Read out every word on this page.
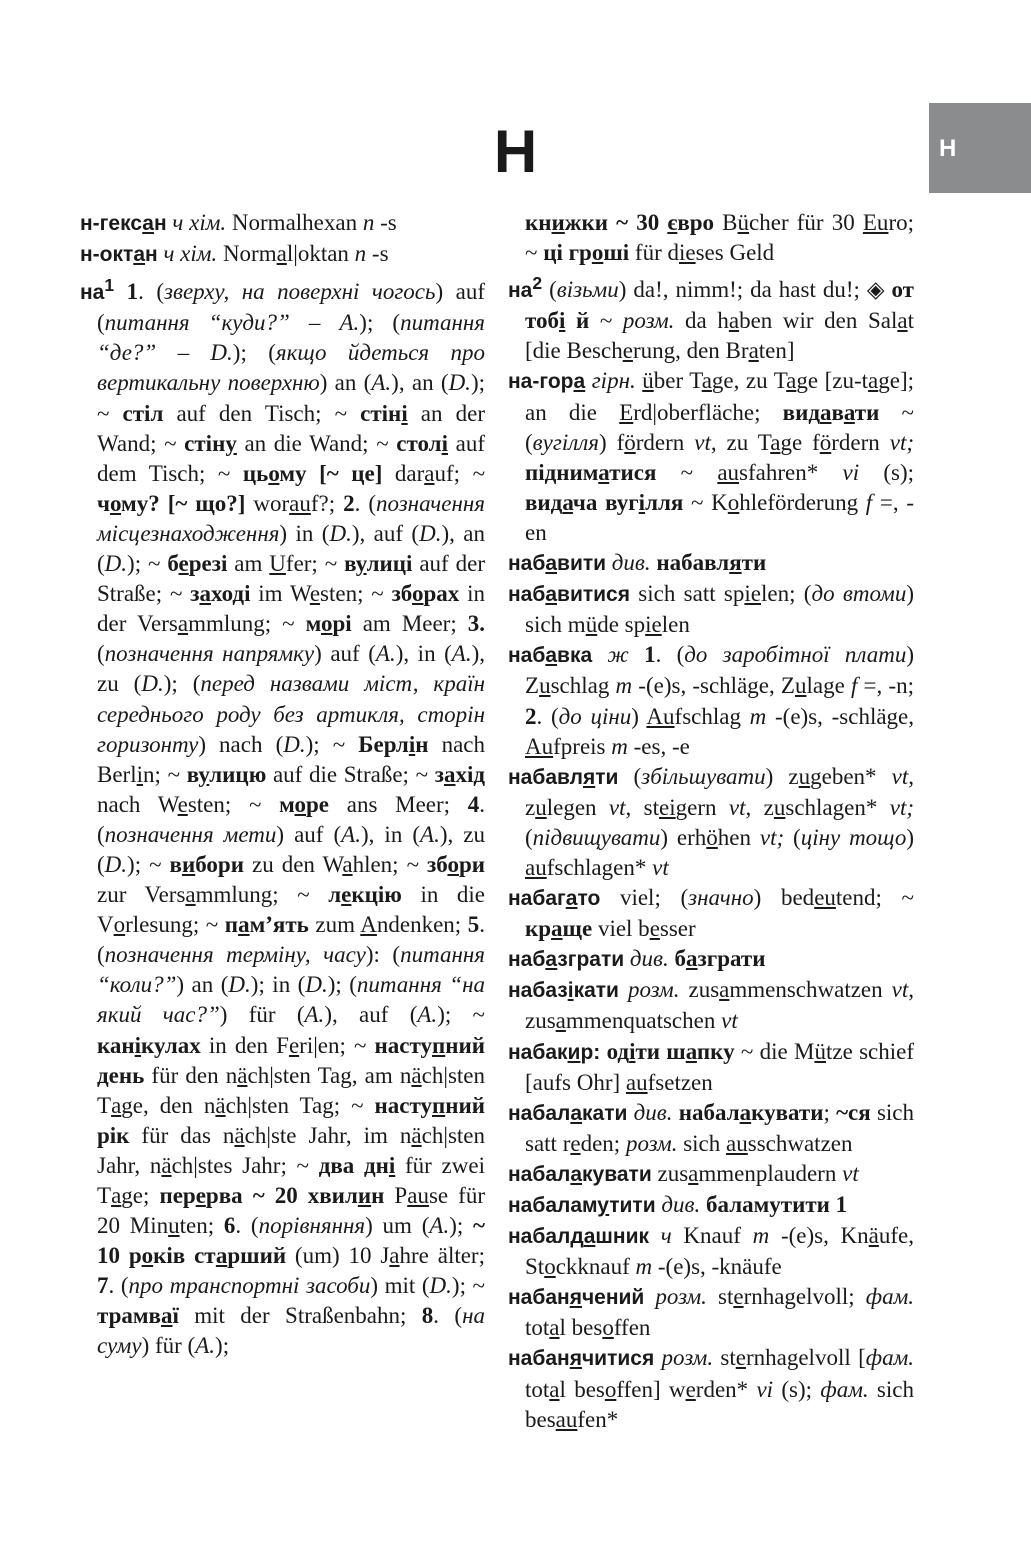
Н
Н

н-гексан ч хім. Normalhexan n -s

н-октан ч хім. Normal|oktan n -s

$на^1$ 1. (зверху, на поверхні чогось) auf (питання “куди?” – A.); (питання “де?” – D.); (якщо йдеться про вертикальну поверхню) an (A.), an (D.); ~ стіл auf den Tisch; ~ стіні an der Wand; ~ стіну an die Wand; ~ столі auf dem Tisch; ~ цьому [~ це] darauf; ~ чому? [~ що?] worauf?; 2. (позначення місцезнаходження) in (D.), auf (D.), an (D.); ~ березі am Ufer; ~ вулиці auf der Straße; ~ заході im Westen; ~ зборах in der Versammlung; ~ морі am Meer; 3. (позначення напрямку) auf (A.), in (A.), zu (D.); (перед назвами міст, країн середнього роду без артикля, сторін горизонту) nach (D.); ~ Берлін nach Berlin; ~ вулицю auf die Straße; ~ захід nach Westen; ~ море ans Meer; 4. (позначення мети) auf (A.), in (A.), zu (D.); ~ вибори zu den Wahlen; ~ збори zur Versammlung; ~ лекцію in die Vorlesung; ~ пам’ять zum Andenken; 5. (позначення терміну, часу): (питання “коли?”) an (D.); in (D.); (питання “на який час?”) für (A.), auf (A.); ~ канікулах in den Feri|en; ~ наступний день für den näch|sten Tag, am näch|sten Tage, den näch|sten Tag; ~ наступний рік für das näch|ste Jahr, im näch|sten Jahr, näch|stes Jahr; ~ два дні für zwei Tage; перерва ~ 20 хвилин Pause für 20 Minuten; 6. (порівняння) um (A.); ~ 10 років старший (um) 10 Jahre älter; 7. (про транспортні засоби) mit (D.); ~ трамваї mit der Straßenbahn; 8. (на суму) für (A.);

книжки ~ 30 євро Bücher für 30 Euro; ~ ці гроші für dieses Geld

$на^2$ (візьми) da!, nimm!; da hast du!; ◈ от тобі й ~ розм. da haben wir den Salat [die Bescherung, den Braten]

на-гора гірн. über Tage, zu Tage [zu-tage]; an die Erd|oberfläche; видавати ~ (вугілля) fördern vt, zu Tage fördern vt; підниматися ~ ausfahren* vi (s); видача вугілля ~ Kohleförderung f =, -en

набавити див. набавляти

набавитися sich satt spielen; (до втоми) sich müde spielen

набавка ж 1. (до заробітної плати) Zuschlag m -(e)s, -schläge, Zulage f =, -n; 2. (до ціни) Aufschlag m -(e)s, -schläge, Aufpreis m -es, -e

набавляти (збільшувати) zugeben* vt, zulegen vt, steigern vt, zuschlagen* vt; (підвищувати) erhöhen vt; (ціну тощо) aufschlagen* vt

набагато viel; (значно) bedeutend; ~ краще viel besser

набазграти див. базграти

набазікати розм. zusammenschwatzen vt, zusammenquatschen vt

набакир: одіти шапку ~ die Mütze schief [aufs Ohr] aufsetzen

набалакати див. набалакувати; ~ся sich satt reden; розм. sich ausschwatzen

набалакувати zusammenplaudern vt

набаламутити див. баламутити 1

набалдашник ч Knauf m -(e)s, Knäufe, Stockknauf m -(e)s, -knäufe

набанячений розм. sternhagelvoll; фам. total besoffen

набанячитися розм. sternhagelvoll [фам. total besoffen] werden* vi (s); фам. sich besaufen*
